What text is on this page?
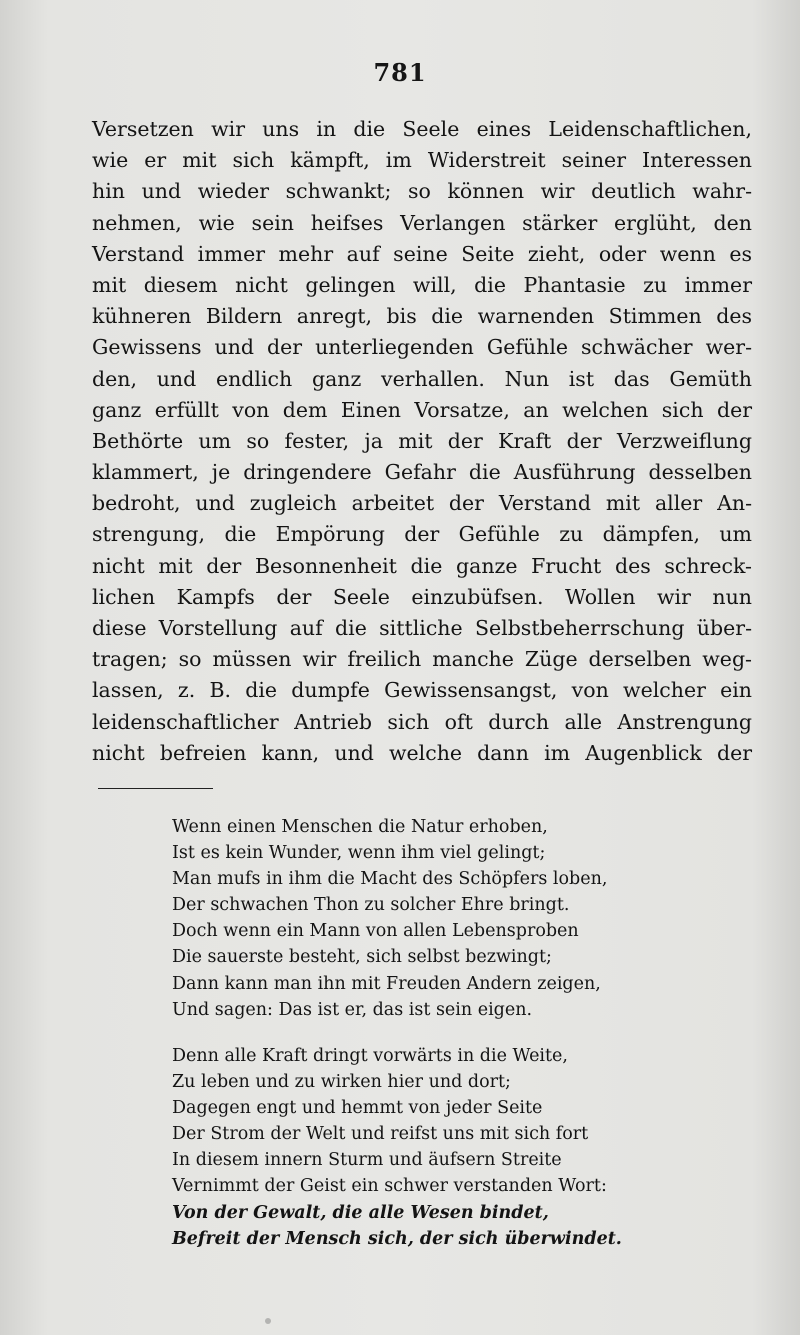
781
Versetzen wir uns in die Seele eines Leidenschaftlichen,
wie er mit sich kämpft, im Widerstreit seiner Interessen
hin und wieder schwankt; so können wir deutlich wahr-
nehmen, wie sein heifses Verlangen stärker erglüht, den
Verstand immer mehr auf seine Seite zieht, oder wenn es
mit diesem nicht gelingen will, die Phantasie zu immer
kühneren Bildern anregt, bis die warnenden Stimmen des
Gewissens und der unterliegenden Gefühle schwächer wer-
den, und endlich ganz verhallen. Nun ist das Gemüth
ganz erfüllt von dem Einen Vorsatze, an welchen sich der
Bethörte um so fester, ja mit der Kraft der Verzweiflung
klammert, je dringendere Gefahr die Ausführung desselben
bedroht, und zugleich arbeitet der Verstand mit aller An-
strengung, die Empörung der Gefühle zu dämpfen, um
nicht mit der Besonnenheit die ganze Frucht des schreck-
lichen Kampfs der Seele einzubüfsen. Wollen wir nun
diese Vorstellung auf die sittliche Selbstbeherrschung über-
tragen; so müssen wir freilich manche Züge derselben weg-
lassen, z. B. die dumpfe Gewissensangst, von welcher ein
leidenschaftlicher Antrieb sich oft durch alle Anstrengung
nicht befreien kann, und welche dann im Augenblick der
Wenn einen Menschen die Natur erhoben,
Ist es kein Wunder, wenn ihm viel gelingt;
Man mufs in ihm die Macht des Schöpfers loben,
Der schwachen Thon zu solcher Ehre bringt.
Doch wenn ein Mann von allen Lebensproben
Die sauerste besteht, sich selbst bezwingt;
Dann kann man ihn mit Freuden Andern zeigen,
Und sagen: Das ist er, das ist sein eigen.
Denn alle Kraft dringt vorwärts in die Weite,
Zu leben und zu wirken hier und dort;
Dagegen engt und hemmt von jeder Seite
Der Strom der Welt und reifst uns mit sich fort
In diesem innern Sturm und äufsern Streite
Vernimmt der Geist ein schwer verstanden Wort:
Von der Gewalt, die alle Wesen bindet,
Befreit der Mensch sich, der sich überwindet.
